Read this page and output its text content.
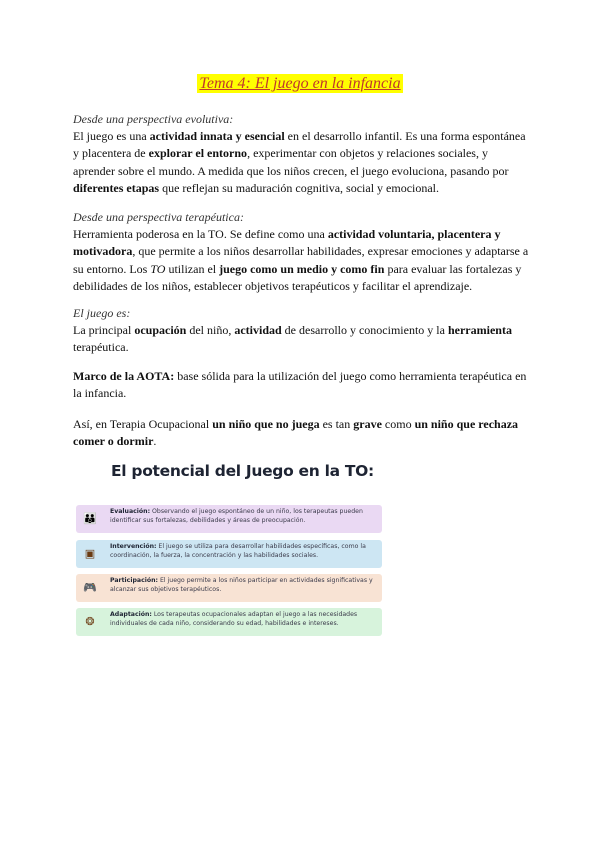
Tema 4: El juego en la infancia

Desde una perspectiva evolutiva:

El juego es una actividad innata y esencial en el desarrollo infantil. Es una forma espontánea y placentera de explorar el entorno, experimentar con objetos y relaciones sociales, y aprender sobre el mundo. A medida que los niños crecen, el juego evoluciona, pasando por diferentes etapas que reflejan su maduración cognitiva, social y emocional.

Desde una perspectiva terapéutica:

Herramienta poderosa en la TO. Se define como una actividad voluntaria, placentera y motivadora, que permite a los niños desarrollar habilidades, expresar emociones y adaptarse a su entorno. Los TO utilizan el juego como un medio y como fin para evaluar las fortalezas y debilidades de los niños, establecer objetivos terapéuticos y facilitar el aprendizaje.

El juego es:

La principal ocupación del niño, actividad de desarrollo y conocimiento y la herramienta terapéutica.

Marco de la AOTA: base sólida para la utilización del juego como herramienta terapéutica en la infancia.

Así, en Terapia Ocupacional un niño que no juega es tan grave como un niño que rechaza comer o dormir.

El potencial del Juego en la TO:
👪
Evaluación: Observando el juego espontáneo de un niño, los terapeutas pueden identificar sus fortalezas, debilidades y áreas de preocupación.
▣
Intervención: El juego se utiliza para desarrollar habilidades específicas, como la coordinación, la fuerza, la concentración y las habilidades sociales.
🎮
Participación: El juego permite a los niños participar en actividades significativas y alcanzar sus objetivos terapéuticos.
❂
Adaptación: Los terapeutas ocupacionales adaptan el juego a las necesidades individuales de cada niño, considerando su edad, habilidades e intereses.
